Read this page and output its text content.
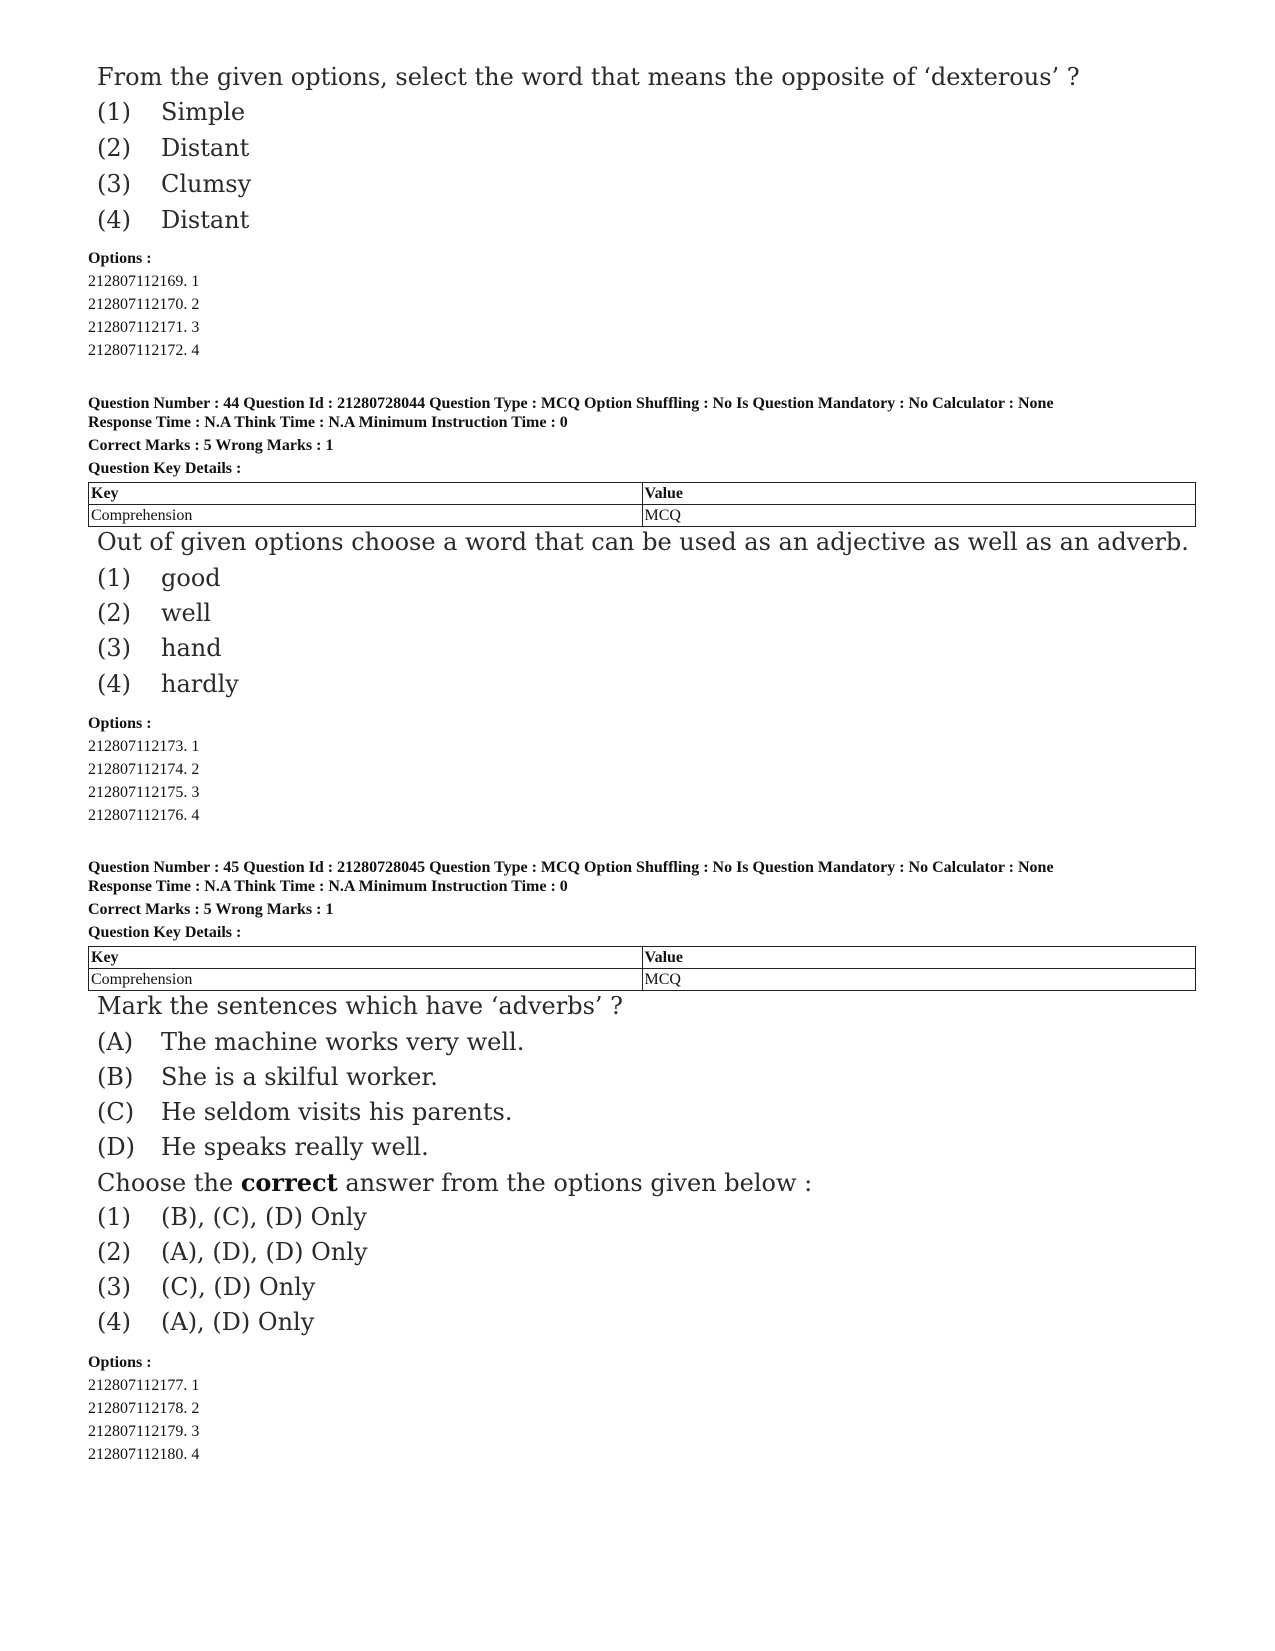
From the given options, select the word that means the opposite of ‘dexterous’ ?
(1) Simple
(2) Distant
(3) Clumsy
(4) Distant
Options :
212807112169. 1
212807112170. 2
212807112171. 3
212807112172. 4
Question Number : 44 Question Id : 21280728044 Question Type : MCQ Option Shuffling : No Is Question Mandatory : No Calculator : None
Response Time : N.A Think Time : N.A Minimum Instruction Time : 0
Correct Marks : 5 Wrong Marks : 1
Question Key Details :
Key	Value
Comprehension	MCQ
Out of given options choose a word that can be used as an adjective as well as an adverb.
(1) good
(2) well
(3) hand
(4) hardly
Options :
212807112173. 1
212807112174. 2
212807112175. 3
212807112176. 4
Question Number : 45 Question Id : 21280728045 Question Type : MCQ Option Shuffling : No Is Question Mandatory : No Calculator : None
Response Time : N.A Think Time : N.A Minimum Instruction Time : 0
Correct Marks : 5 Wrong Marks : 1
Question Key Details :
Key	Value
Comprehension	MCQ
Mark the sentences which have ‘adverbs’ ?
(A) The machine works very well.
(B) She is a skilful worker.
(C) He seldom visits his parents.
(D) He speaks really well.
Choose the correct answer from the options given below :
(1) (B), (C), (D) Only
(2) (A), (D), (D) Only
(3) (C), (D) Only
(4) (A), (D) Only
Options :
212807112177. 1
212807112178. 2
212807112179. 3
212807112180. 4
